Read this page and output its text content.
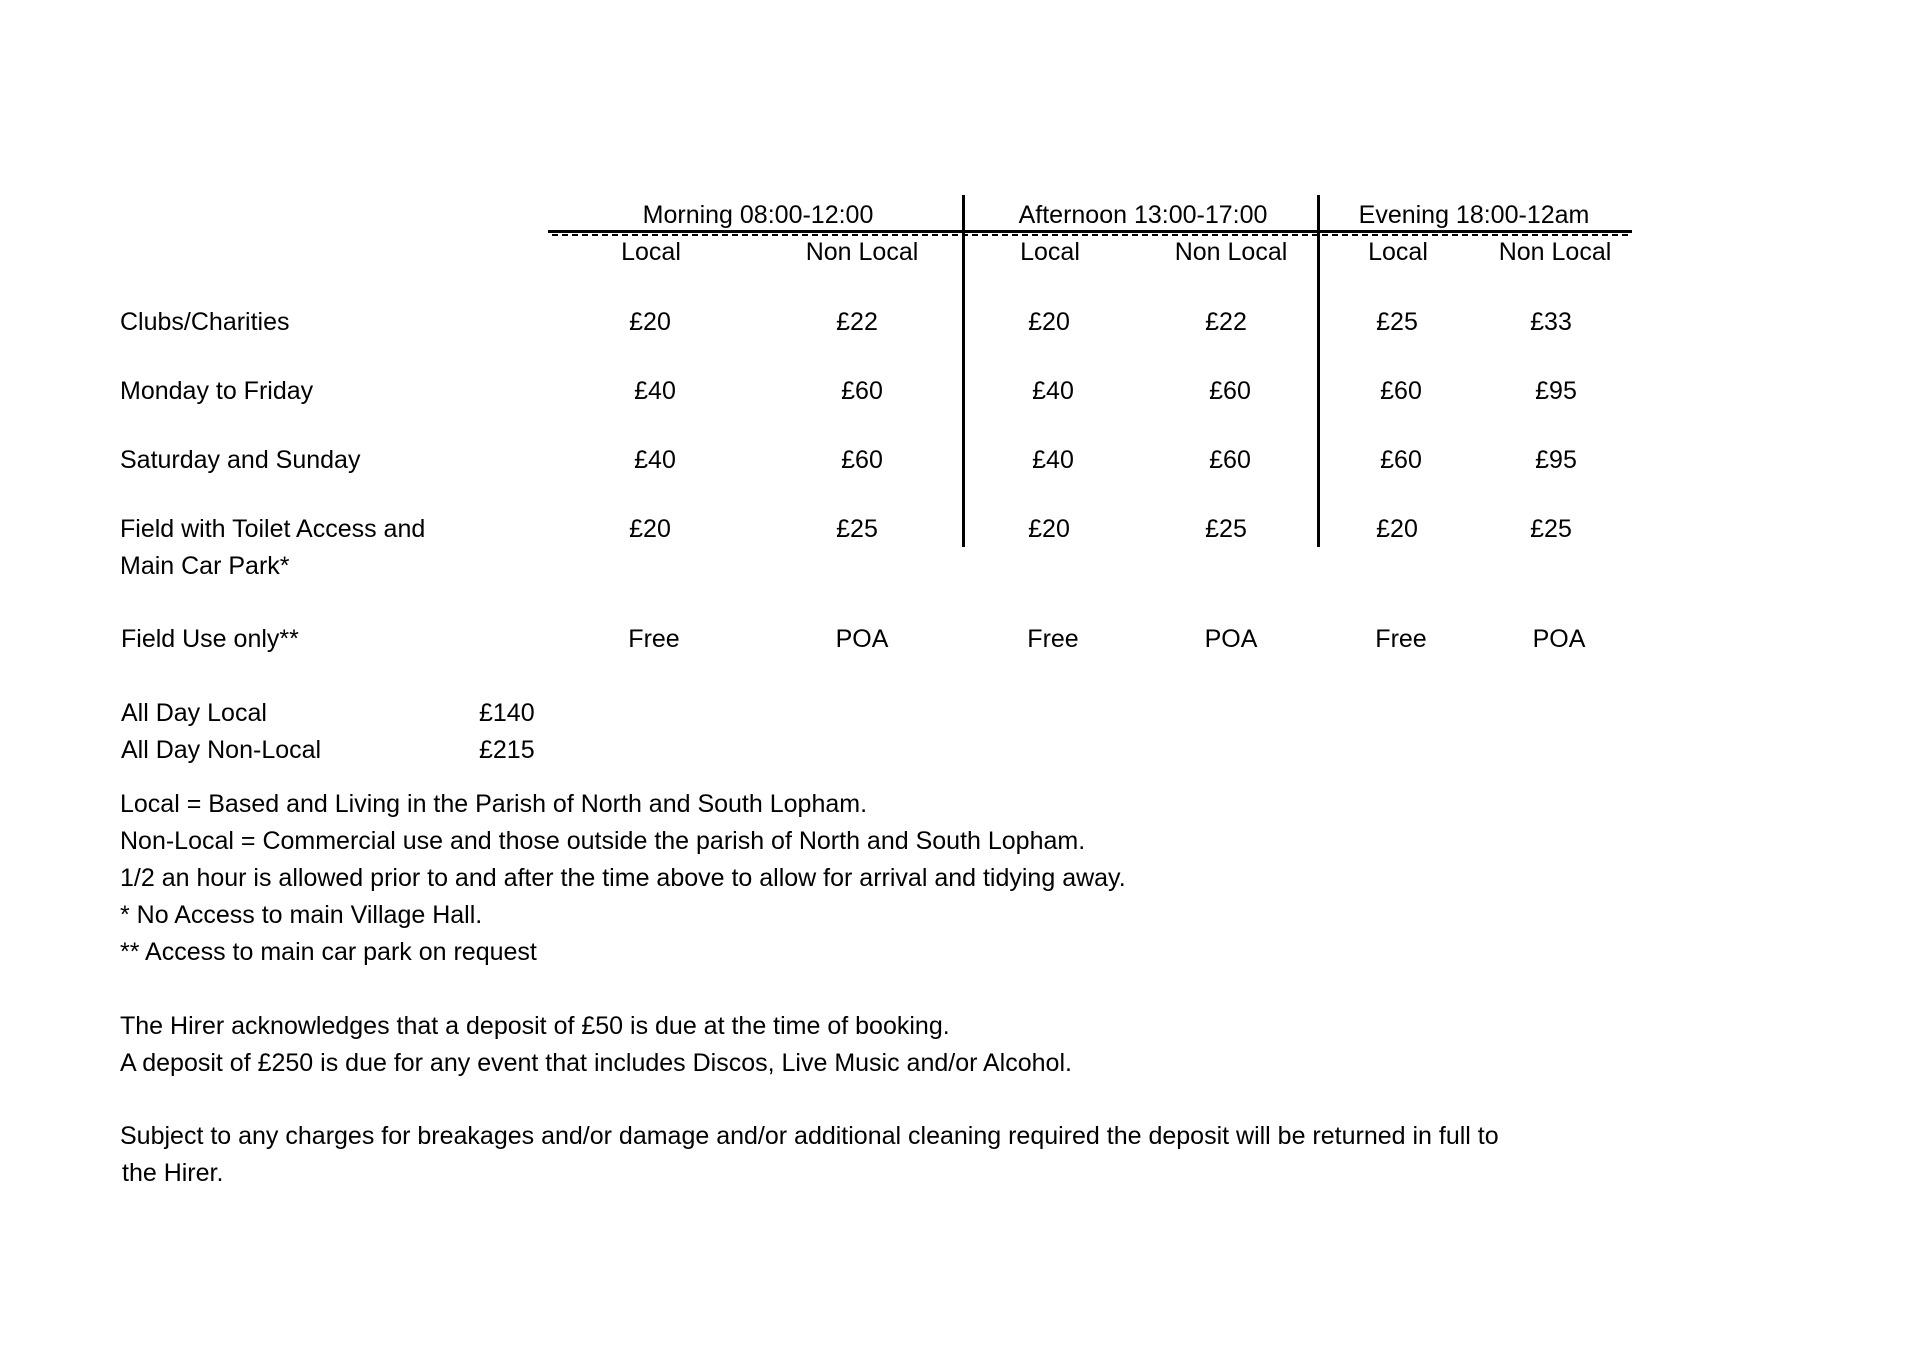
Morning 08:00-12:00	Afternoon 13:00-17:00	Evening 18:00-12am
Local	Non Local	Local	Non Local	Local	Non Local
Clubs/Charities	£20	£22	£20	£22	£25	£33
Monday to Friday	£40	£60	£40	£60	£60	£95
Saturday and Sunday	£40	£60	£40	£60	£60	£95
Field with Toilet Access and
Main Car Park*
£20	£25	£20	£25	£20	£25
Field Use only**	Free	POA	Free	POA	Free	POA
All Day Local	£140
All Day Non-Local	£215
Local = Based and Living in the Parish of North and South Lopham.
Non-Local = Commercial use and those outside the parish of North and South Lopham.
1/2 an hour is allowed prior to and after the time above to allow for arrival and tidying away.
* No Access to main Village Hall.
** Access to main car park on request
The Hirer acknowledges that a deposit of £50 is due at the time of booking.
A deposit of £250 is due for any event that includes Discos, Live Music and/or Alcohol.
Subject to any charges for breakages and/or damage and/or additional cleaning required the deposit will be returned in full to
the Hirer.
